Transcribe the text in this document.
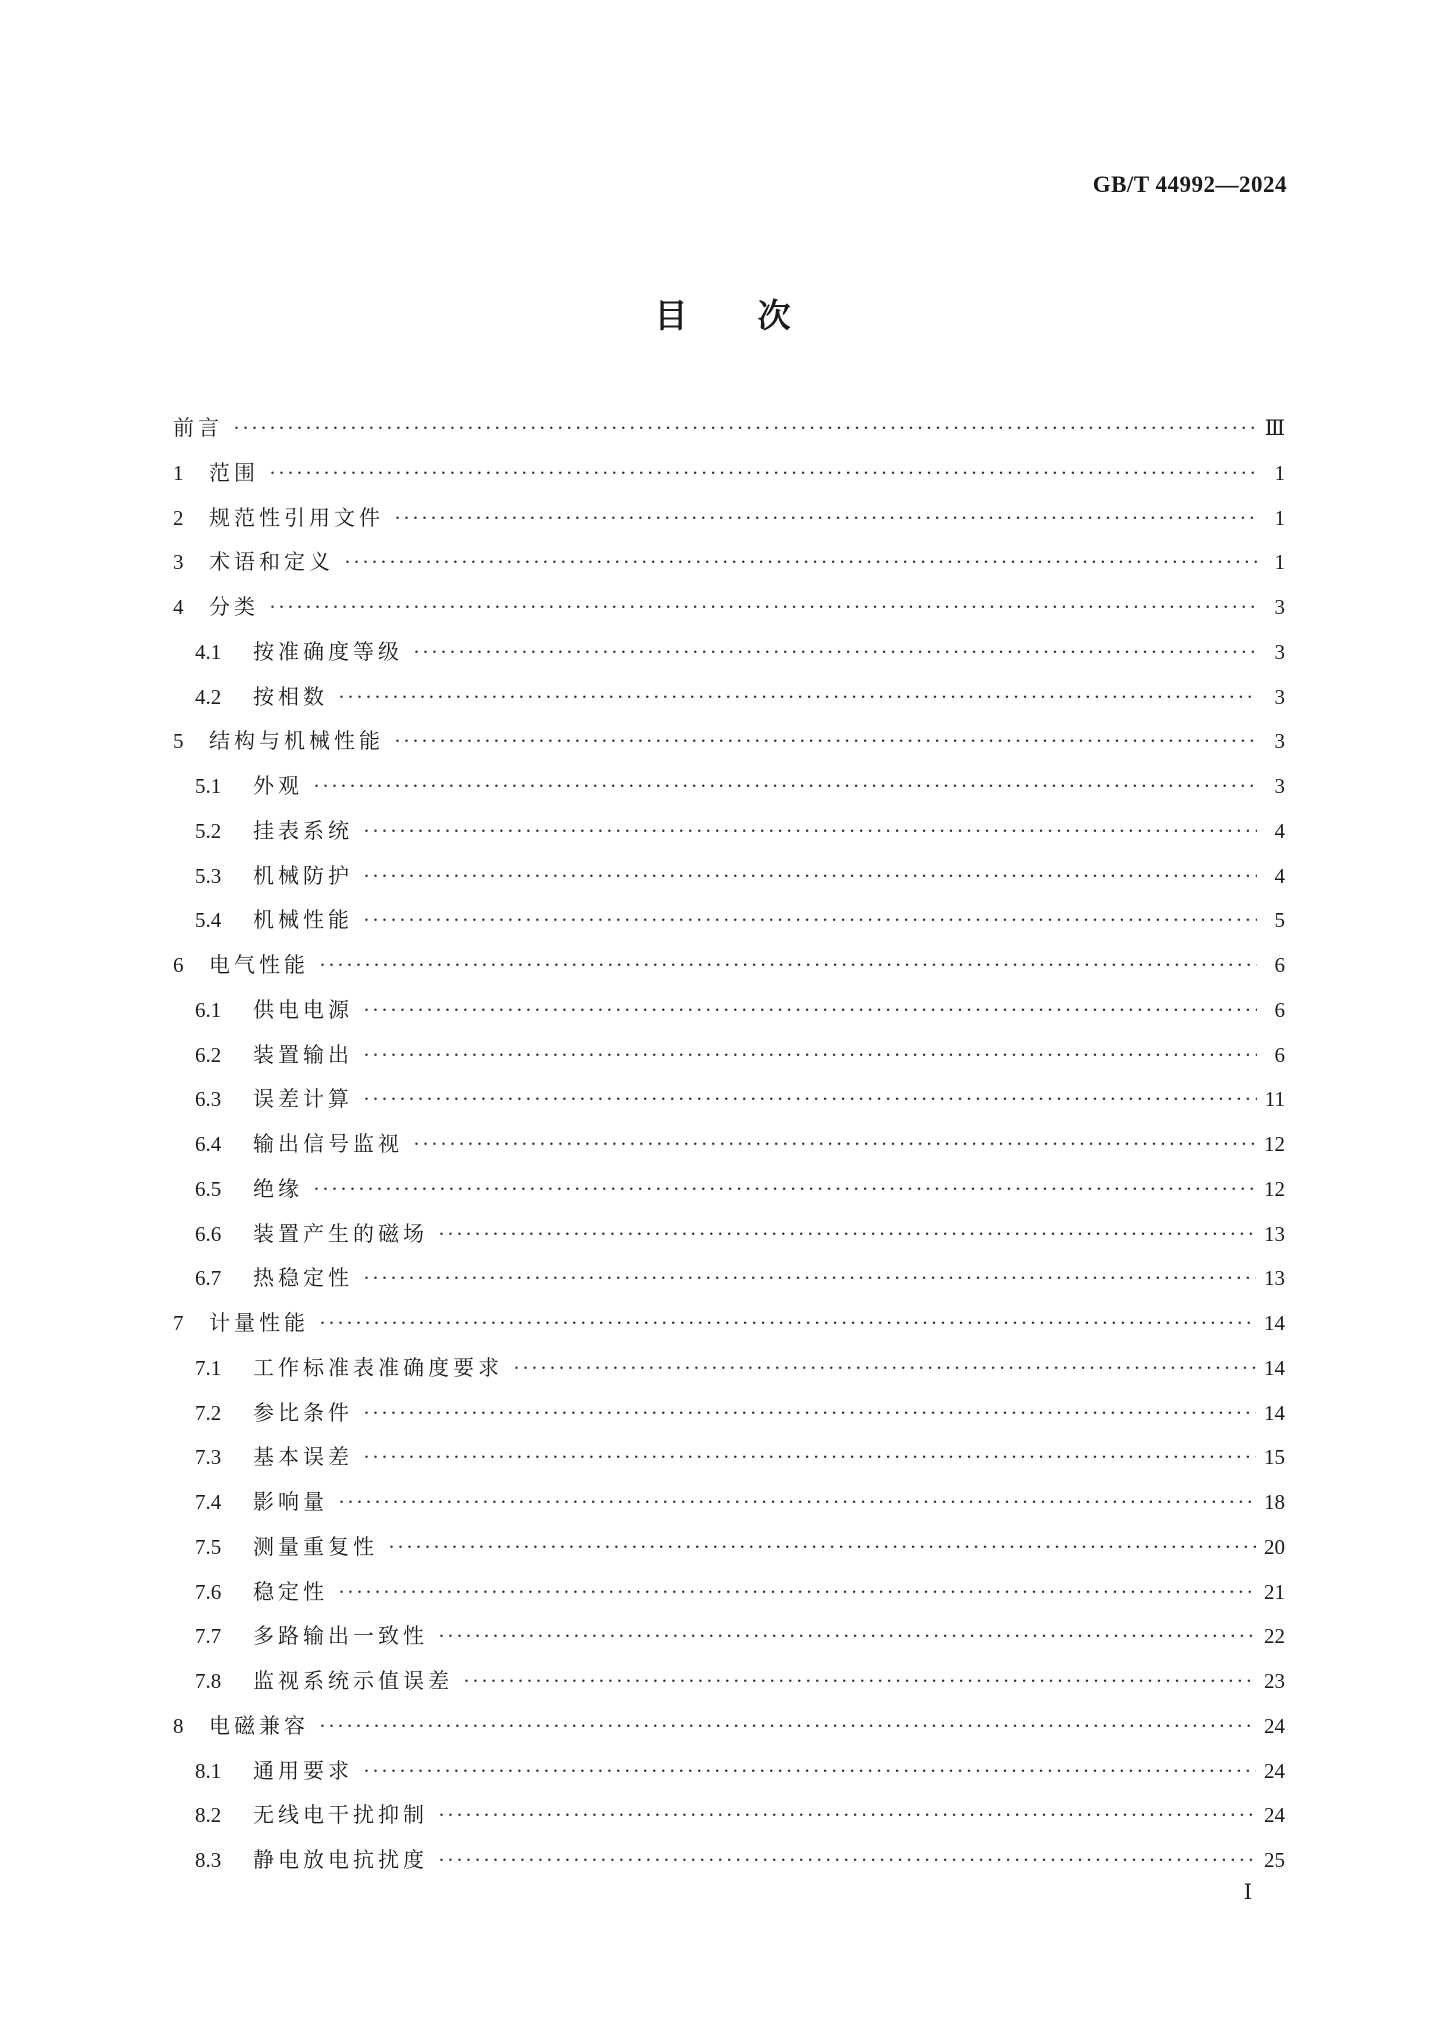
GB/T 44992—2024
目次
前言 ·····	Ⅲ
1	范围 ·····	1
2	规范性引用文件 ·····	1
3	术语和定义 ·····	1
4	分类 ·····	3
4.1	按准确度等级 ·····	3
4.2	按相数 ·····	3
5	结构与机械性能 ·····	3
5.1	外观 ·····	3
5.2	挂表系统 ·····	4
5.3	机械防护 ·····	4
5.4	机械性能 ·····	5
6	电气性能 ·····	6
6.1	供电电源 ·····	6
6.2	装置输出 ·····	6
6.3	误差计算 ·····	11
6.4	输出信号监视 ·····	12
6.5	绝缘 ·····	12
6.6	装置产生的磁场 ·····	13
6.7	热稳定性 ·····	13
7	计量性能 ·····	14
7.1	工作标准表准确度要求 ·····	14
7.2	参比条件 ·····	14
7.3	基本误差 ·····	15
7.4	影响量 ·····	18
7.5	测量重复性 ·····	20
7.6	稳定性 ·····	21
7.7	多路输出一致性 ·····	22
7.8	监视系统示值误差 ·····	23
8	电磁兼容 ·····	24
8.1	通用要求 ·····	24
8.2	无线电干扰抑制 ·····	24
8.3	静电放电抗扰度 ·····	25
Ⅰ
